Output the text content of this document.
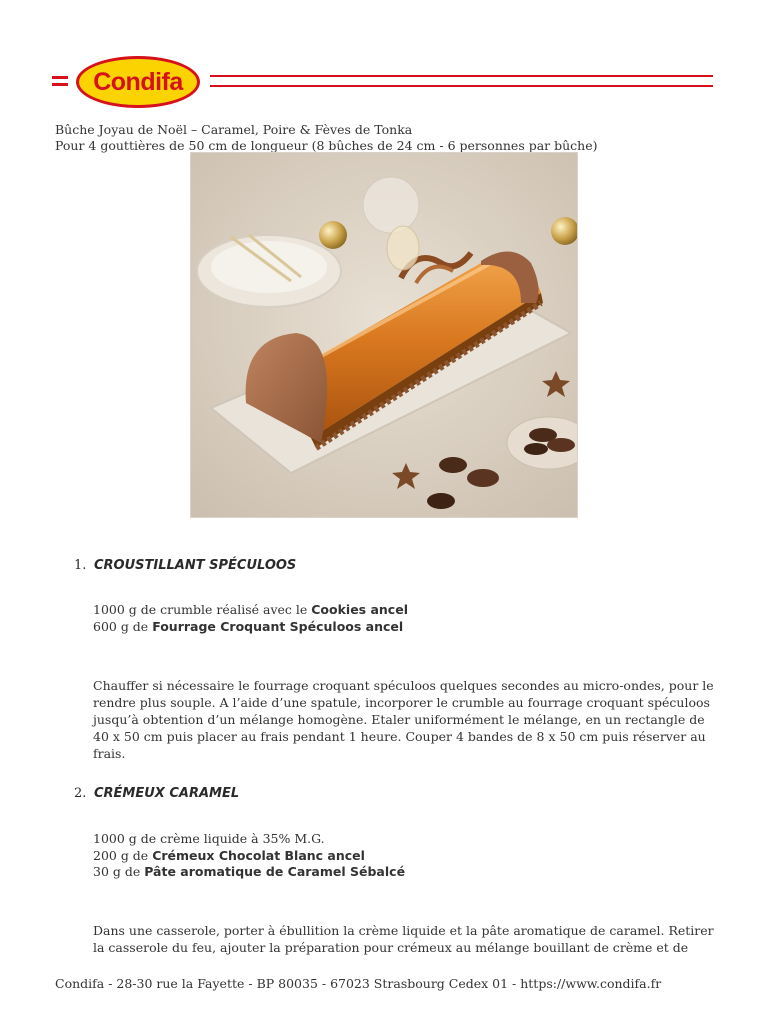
Condifa
Bûche Joyau de Noël – Caramel, Poire & Fèves de Tonka
Pour 4 gouttières de 50 cm de longueur (8 bûches de 24 cm - 6 personnes par bûche)
1. CROUSTILLANT SPÉCULOOS
1000 g de crumble réalisé avec le Cookies ancel
600 g de Fourrage Croquant Spéculoos ancel
Chauffer si nécessaire le fourrage croquant spéculoos quelques secondes au micro-ondes, pour le rendre plus souple. A l’aide d’une spatule, incorporer le crumble au fourrage croquant spéculoos jusqu’à obtention d’un mélange homogène. Etaler uniformément le mélange, en un rectangle de 40 x 50 cm puis placer au frais pendant 1 heure. Couper 4 bandes de 8 x 50 cm puis réserver au frais.
2. CRÉMEUX CARAMEL
1000 g de crème liquide à 35% M.G.
200 g de Crémeux Chocolat Blanc ancel
30 g de Pâte aromatique de Caramel Sébalcé
Dans une casserole, porter à ébullition la crème liquide et la pâte aromatique de caramel. Retirer la casserole du feu, ajouter la préparation pour crémeux au mélange bouillant de crème et de
Condifa - 28-30 rue la Fayette - BP 80035 - 67023 Strasbourg Cedex 01 - https://www.condifa.fr
